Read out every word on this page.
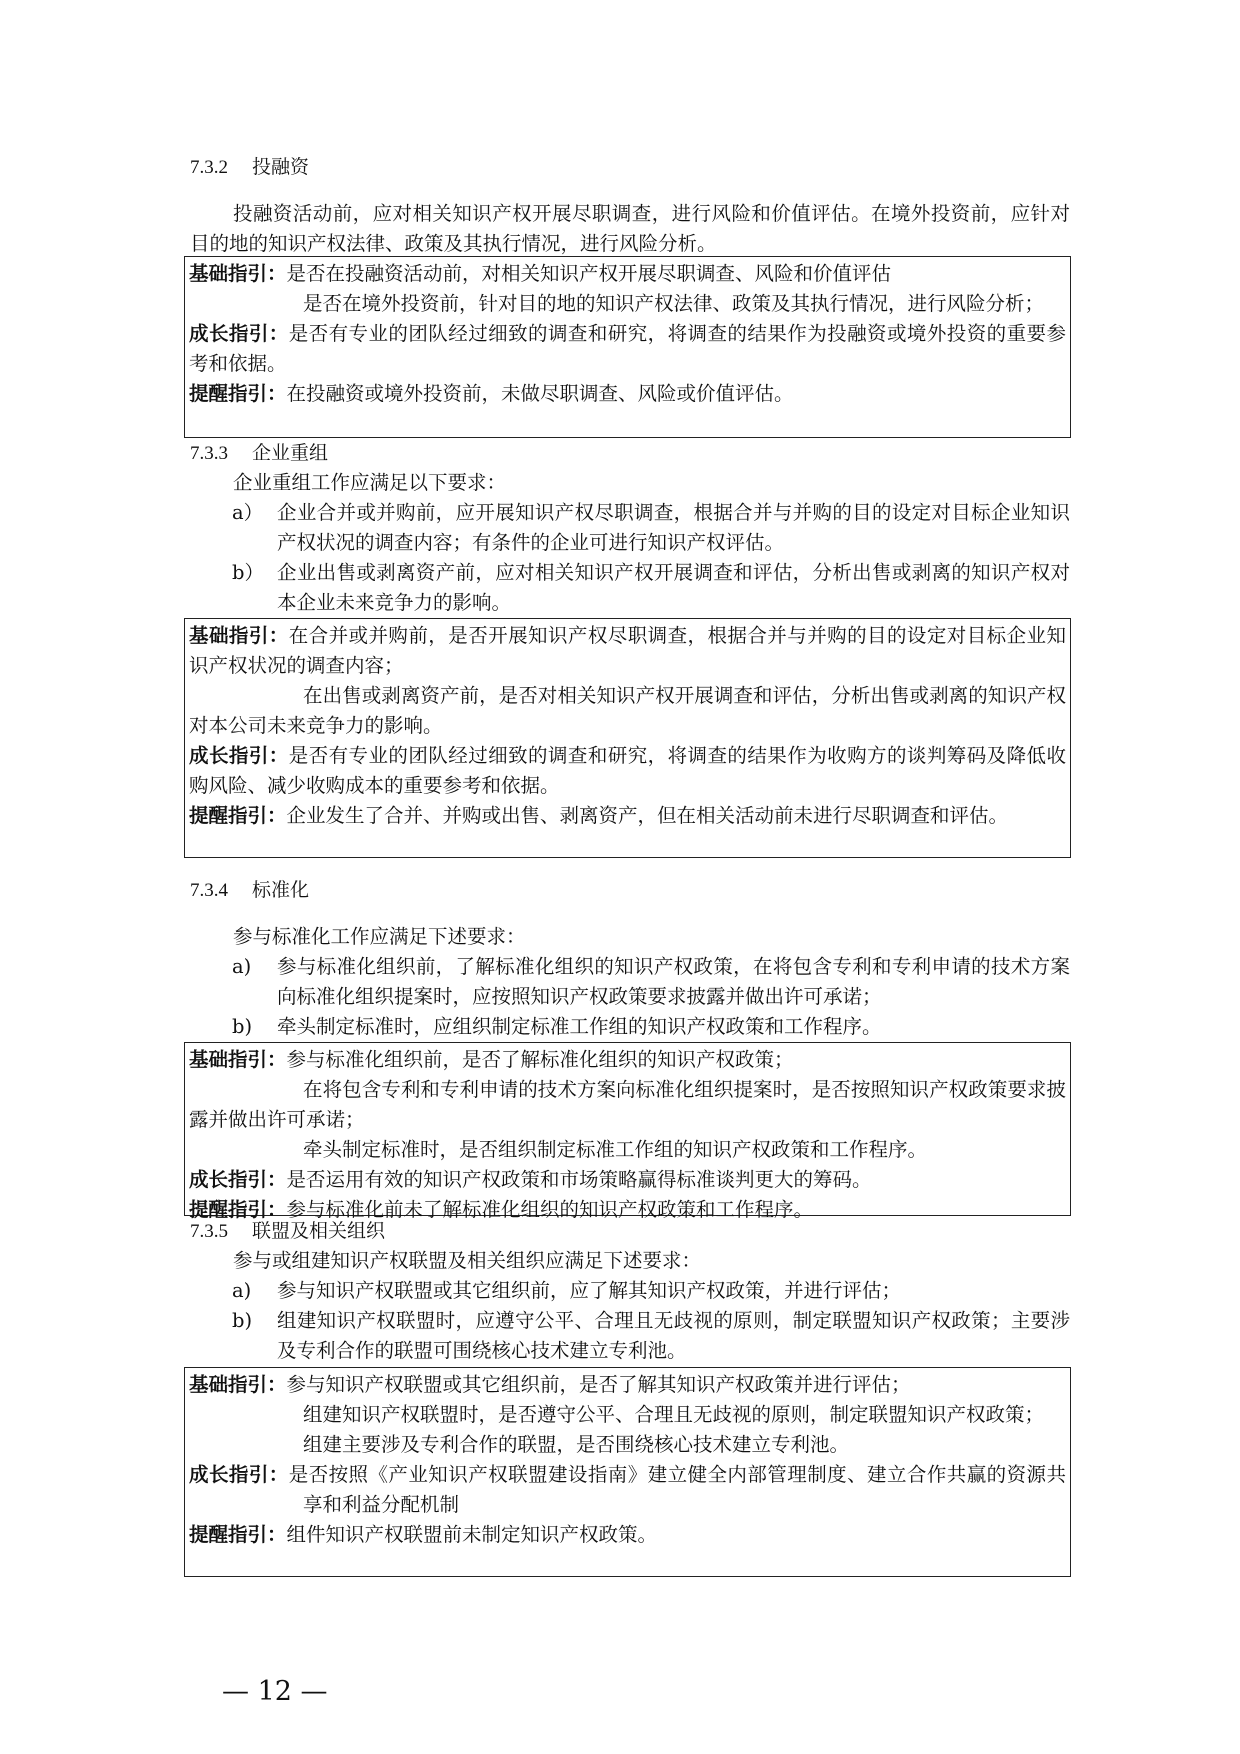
7.3.2 投融资
投融资活动前，应对相关知识产权开展尽职调查，进行风险和价值评估。在境外投资前，应针对目的地的知识产权法律、政策及其执行情况，进行风险分析。
基础指引：是否在投融资活动前，对相关知识产权开展尽职调查、风险和价值评估
是否在境外投资前，针对目的地的知识产权法律、政策及其执行情况，进行风险分析；
成长指引：是否有专业的团队经过细致的调查和研究，将调查的结果作为投融资或境外投资的重要参考和依据。
提醒指引：在投融资或境外投资前，未做尽职调查、风险或价值评估。
7.3.3 企业重组
企业重组工作应满足以下要求：
a） 企业合并或并购前，应开展知识产权尽职调查，根据合并与并购的目的设定对目标企业知识产权状况的调查内容；有条件的企业可进行知识产权评估。
b） 企业出售或剥离资产前，应对相关知识产权开展调查和评估，分析出售或剥离的知识产权对本企业未来竞争力的影响。
基础指引：在合并或并购前，是否开展知识产权尽职调查，根据合并与并购的目的设定对目标企业知识产权状况的调查内容；
在出售或剥离资产前，是否对相关知识产权开展调查和评估，分析出售或剥离的知识产权对本公司未来竞争力的影响。
成长指引：是否有专业的团队经过细致的调查和研究，将调查的结果作为收购方的谈判筹码及降低收购风险、减少收购成本的重要参考和依据。
提醒指引：企业发生了合并、并购或出售、剥离资产，但在相关活动前未进行尽职调查和评估。
7.3.4 标准化
参与标准化工作应满足下述要求：
a)	参与标准化组织前，了解标准化组织的知识产权政策，在将包含专利和专利申请的技术方案向标准化组织提案时，应按照知识产权政策要求披露并做出许可承诺；
b)	牵头制定标准时，应组织制定标准工作组的知识产权政策和工作程序。
基础指引：参与标准化组织前，是否了解标准化组织的知识产权政策；
在将包含专利和专利申请的技术方案向标准化组织提案时，是否按照知识产权政策要求披露并做出许可承诺；
牵头制定标准时，是否组织制定标准工作组的知识产权政策和工作程序。
成长指引：是否运用有效的知识产权政策和市场策略赢得标准谈判更大的筹码。
提醒指引：参与标准化前未了解标准化组织的知识产权政策和工作程序。
7.3.5 联盟及相关组织
参与或组建知识产权联盟及相关组织应满足下述要求：
a)	参与知识产权联盟或其它组织前，应了解其知识产权政策，并进行评估；
b)	组建知识产权联盟时，应遵守公平、合理且无歧视的原则，制定联盟知识产权政策；主要涉及专利合作的联盟可围绕核心技术建立专利池。
基础指引：参与知识产权联盟或其它组织前，是否了解其知识产权政策并进行评估；
组建知识产权联盟时，是否遵守公平、合理且无歧视的原则，制定联盟知识产权政策；
组建主要涉及专利合作的联盟，是否围绕核心技术建立专利池。
成长指引：是否按照《产业知识产权联盟建设指南》建立健全内部管理制度、建立合作共赢的资源共享和利益分配机制
提醒指引：组件知识产权联盟前未制定知识产权政策。
— 12 —
